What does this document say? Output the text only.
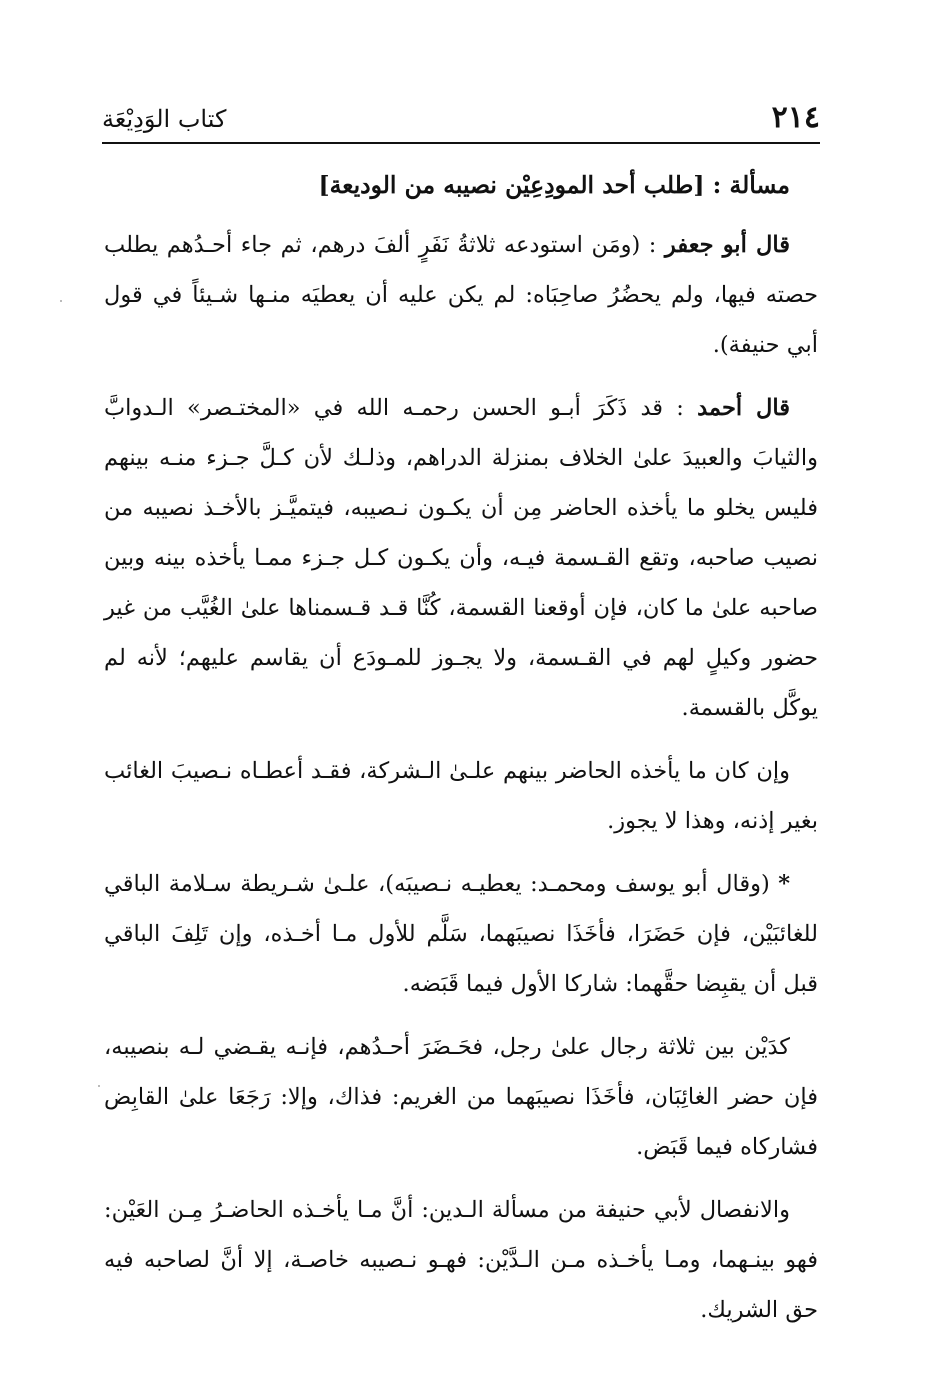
٢١٤
كتاب الوَدِيْعَة

مسألة : [طلب أحد المودِعِيْن نصيبه من الوديعة]

قال أبو جعفر : (ومَن استودعه ثلاثةُ نَفَرٍ ألفَ درهم، ثم جاء أحـدُهم يطلب حصته فيها، ولم يحضُرُ صاحِبَاه: لم يكن عليه أن يعطيَه منـها شـيئاً في قول أبي حنيفة).

قال أحمد : قد ذَكَرَ أبـو الحسن رحمـه الله في «المختـصر» الـدوابَّ والثيابَ والعبيدَ علىٰ الخلاف بمنزلة الدراهم، وذلـك لأن كـلَّ جـزء منـه بينهم فليس يخلو ما يأخذه الحاضر مِن أن يكـون نـصيبه، فيتميَّـز بالأخـذ نصيبه من نصيب صاحبه، وتقع القـسمة فيـه، وأن يكـون كـل جـزء ممـا يأخذه بينه وبين صاحبه علىٰ ما كان، فإن أوقعنا القسمة، كُنَّا قـد قـسمناها علىٰ الغُيَّب من غير حضور وكيلٍ لهم في القـسمة، ولا يجـوز للمـودَع أن يقاسم عليهم؛ لأنه لم يوكَّل بالقسمة.

وإن كان ما يأخذه الحاضر بينهم علـىٰ الـشركة، فقـد أعطـاه نـصيبَ الغائب بغير إذنه، وهذا لا يجوز.

* (وقال أبو يوسف ومحمـد: يعطيـه نـصيبَه)، علـىٰ شـريطة سـلامة الباقي للغائبَيْن، فإن حَضَرَا، فأخَذَا نصيبَهما، سَلَّم للأول مـا أخـذه، وإن تَلِفَ الباقي قبل أن يقبِضا حقَّهما: شاركا الأول فيما قَبَضه.

كدَيْن بين ثلاثة رجال علىٰ رجل، فحَـضَرَ أحـدُهم، فإنـه يقـضي لـه بنصيبه، فإن حضر الغائِبَان، فأخَذَا نصيبَهما من الغريم: فذاك، وإلا: رَجَعَا علىٰ القابِض فشاركاه فيما قَبَض.

والانفصال لأبي حنيفة من مسألة الـدين: أنَّ مـا يأخـذه الحاضـرُ مِـن العَيْن: فهو بينـهما، ومـا يأخـذه مـن الـدَّيْن: فهـو نـصيبه خاصـة، إلا أنَّ لصاحبه فيه حق الشريك.
